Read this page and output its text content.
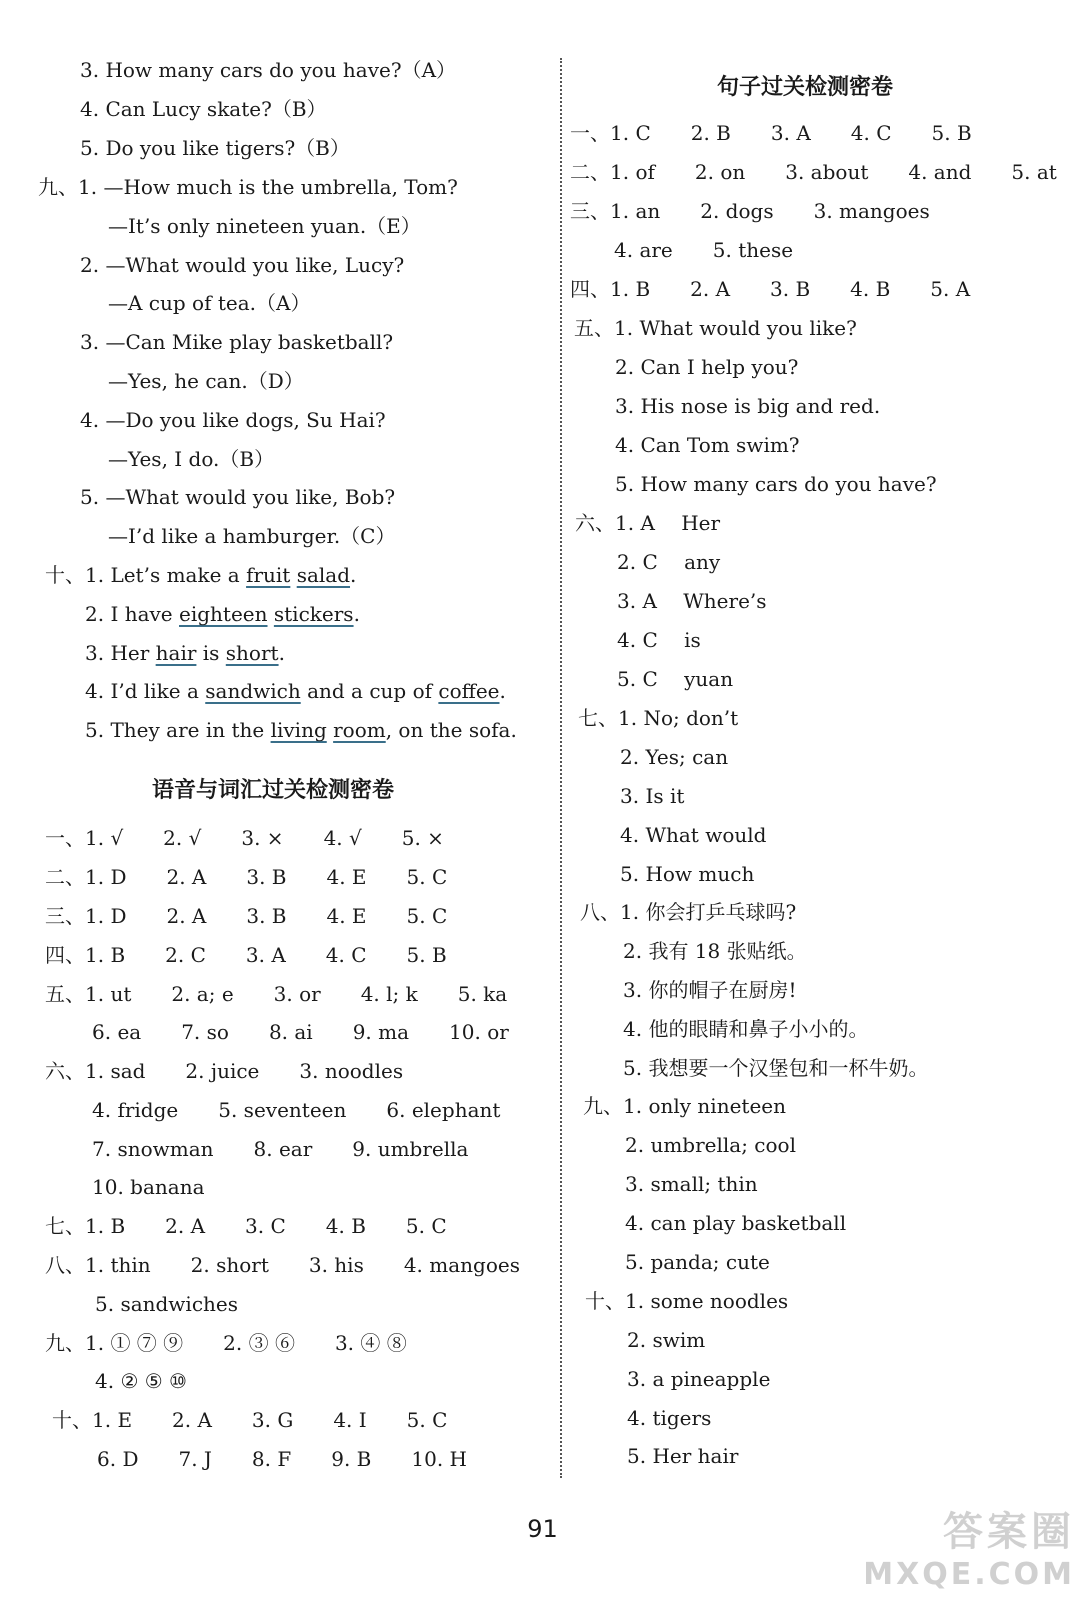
3. How many cars do you have?（A）
4. Can Lucy skate?（B）
5. Do you like tigers?（B）
九、1. —How much is the umbrella, Tom?
—It’s only nineteen yuan.（E）
2. —What would you like, Lucy?
—A cup of tea.（A）
3. —Can Mike play basketball?
—Yes, he can.（D）
4. —Do you like dogs, Su Hai?
—Yes, I do.（B）
5. —What would you like, Bob?
—I’d like a hamburger.（C）
十、1. Let’s make a fruit salad.
2. I have eighteen stickers.
3. Her hair is short.
4. I’d like a sandwich and a cup of coffee.
5. They are in the living room, on the sofa.
语音与词汇过关检测密卷
一、1. √　　2. √　　3. ×　　4. √　　5. ×
二、1. D　　2. A　　3. B　　4. E　　5. C
三、1. D　　2. A　　3. B　　4. E　　5. C
四、1. B　　2. C　　3. A　　4. C　　5. B
五、1. ut　　2. a; e　　3. or　　4. l; k　　5. ka
6. ea　　7. so　　8. ai　　9. ma　　10. or
六、1. sad　　2. juice　　3. noodles
4. fridge　　5. seventeen　　6. elephant
7. snowman　　8. ear　　9. umbrella
10. banana
七、1. B　　2. A　　3. C　　4. B　　5. C
八、1. thin　　2. short　　3. his　　4. mangoes
5. sandwiches
九、1. ① ⑦ ⑨　　2. ③ ⑥　　3. ④ ⑧
4. ② ⑤ ⑩
十、1. E　　2. A　　3. G　　4. I　　5. C
6. D　　7. J　　8. F　　9. B　　10. H
句子过关检测密卷
一、1. C　　2. B　　3. A　　4. C　　5. B
二、1. of　　2. on　　3. about　　4. and　　5. at
三、1. an　　2. dogs　　3. mangoes
4. are　　5. these
四、1. B　　2. A　　3. B　　4. B　　5. A
五、1. What would you like?
2. Can I help you?
3. His nose is big and red.
4. Can Tom swim?
5. How many cars do you have?
六、1. A　 Her
2. C　 any
3. A　 Where’s
4. C　 is
5. C　 yuan
七、1. No; don’t
2. Yes; can
3. Is it
4. What would
5. How much
八、1. 你会打乒乓球吗?
2. 我有 18 张贴纸。
3. 你的帽子在厨房!
4. 他的眼睛和鼻子小小的。
5. 我想要一个汉堡包和一杯牛奶。
九、1. only nineteen
2. umbrella; cool
3. small; thin
4. can play basketball
5. panda; cute
十、1. some noodles
2. swim
3. a pineapple
4. tigers
5. Her hair
91	答案圈
MXQE.COM
